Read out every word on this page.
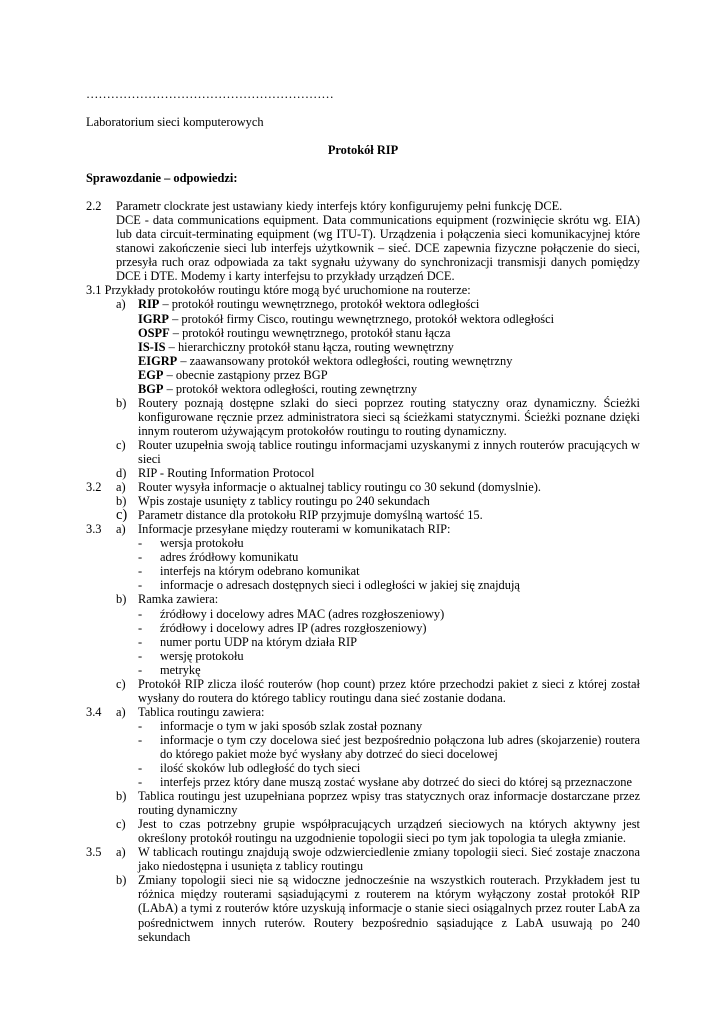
……………………………………………………
Laboratorium sieci komputerowych
Protokół RIP
Sprawozdanie – odpowiedzi:
2.2	Parametr clockrate jest ustawiany kiedy interfejs który konfigurujemy pełni funkcję DCE.
DCE - data communications equipment. Data communications equipment (rozwinięcie skrótu wg. EIA) lub data circuit-terminating equipment (wg ITU-T). Urządzenia i połączenia sieci komunikacyjnej które stanowi zakończenie sieci lub interfejs użytkownik – sieć. DCE zapewnia fizyczne połączenie do sieci, przesyła ruch oraz odpowiada za takt sygnału używany do synchronizacji transmisji danych pomiędzy DCE i DTE. Modemy i karty interfejsu to przykłady urządzeń DCE.
3.1 Przykłady protokołów routingu które mogą być uruchomione na routerze:
a) RIP – protokół routingu wewnętrznego, protokół wektora odległości
IGRP – protokół firmy Cisco, routingu wewnętrznego, protokół wektora odległości
OSPF – protokół routingu wewnętrznego, protokół stanu łącza
IS-IS – hierarchiczny protokół stanu łącza, routing wewnętrzny
EIGRP – zaawansowany protokół wektora odległości, routing wewnętrzny
EGP – obecnie zastąpiony przez BGP
BGP – protokół wektora odległości, routing zewnętrzny
b) Routery poznają dostępne szlaki do sieci poprzez routing statyczny oraz dynamiczny. Ścieżki konfigurowane ręcznie przez administratora sieci są ścieżkami statycznymi. Ścieżki poznane dzięki innym routerom używającym protokołów routingu to routing dynamiczny.
c) Router uzupełnia swoją tablice routingu informacjami uzyskanymi z innych routerów pracujących w sieci
d) RIP - Routing Information Protocol
3.2	a) Router wysyła informacje o aktualnej tablicy routingu co 30 sekund (domyslnie).
b) Wpis zostaje usunięty z tablicy routingu po 240 sekundach
c) Parametr distance dla protokołu RIP przyjmuje domyślną wartość 15.
3.3	a) Informacje przesyłane między routerami w komunikatach RIP:
-	wersja protokołu
-	adres źródłowy komunikatu
-	interfejs na którym odebrano komunikat
-	informacje o adresach dostępnych sieci i odległości w jakiej się znajdują
b) Ramka zawiera:
-	źródłowy i docelowy adres MAC (adres rozgłoszeniowy)
-	źródłowy i docelowy adres IP (adres rozgłoszeniowy)
-	numer portu UDP na którym działa RIP
-	wersję protokołu
-	metrykę
c) Protokół RIP zlicza ilość routerów (hop count) przez które przechodzi pakiet z sieci z której został wysłany do routera do którego tablicy routingu dana sieć zostanie dodana.
3.4	a) Tablica routingu zawiera:
-	informacje o tym w jaki sposób szlak został poznany
-	informacje o tym czy docelowa sieć jest bezpośrednio połączona lub adres (skojarzenie) routera do którego pakiet może być wysłany aby dotrzeć do sieci docelowej
-	ilość skoków lub odległość do tych sieci
-	interfejs przez który dane muszą zostać wysłane aby dotrzeć do sieci do której są przeznaczone
b) Tablica routingu jest uzupełniana poprzez wpisy tras statycznych oraz informacje dostarczane przez routing dynamiczny
c) Jest to czas potrzebny grupie współpracujących urządzeń sieciowych na których aktywny jest określony protokół routingu na uzgodnienie topologii sieci po tym jak topologia ta uległa zmianie.
3.5	a) W tablicach routingu znajdują swoje odzwierciedlenie zmiany topologii sieci. Sieć zostaje znaczona jako niedostępna i usunięta z tablicy routingu
b) Zmiany topologii sieci nie są widoczne jednocześnie na wszystkich routerach. Przykładem jest tu różnica między routerami sąsiadującymi z routerem na którym wyłączony został protokół RIP (LAbA) a tymi z routerów które uzyskują informacje o stanie sieci osiągalnych przez router LabA za pośrednictwem innych ruterów. Routery bezpośrednio sąsiadujące z LabA usuwają po 240 sekundach
